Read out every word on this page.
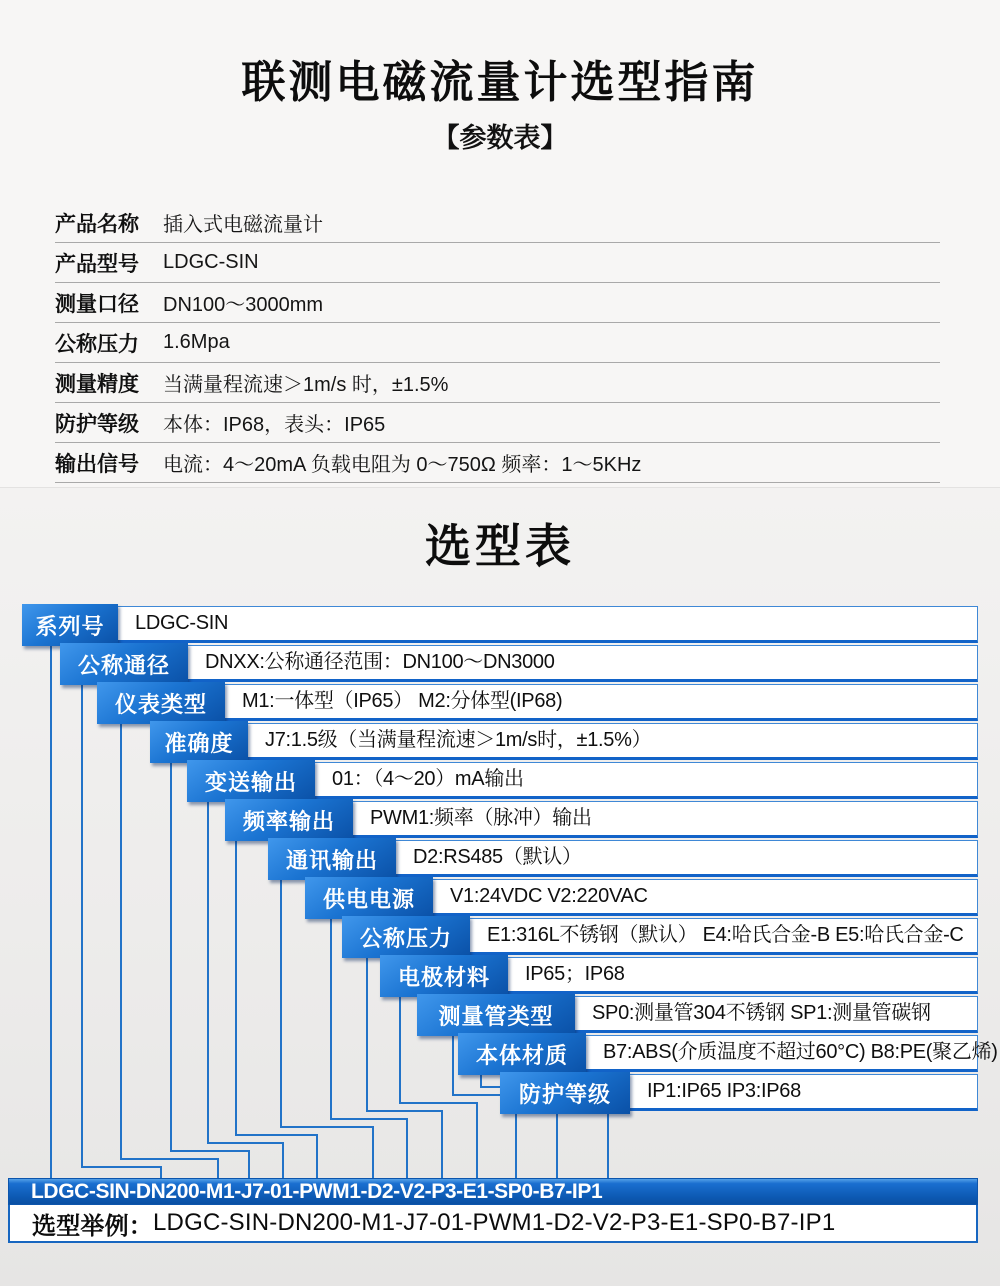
联测电磁流量计选型指南
【参数表】
产品名称	插入式电磁流量计
产品型号	LDGC-SIN
测量口径	DN100～3000mm
公称压力	1.6Mpa
测量精度	当满量程流速＞1m/s 时，±1.5%
防护等级	本体：IP68，表头：IP65
输出信号	电流：4～20mA 负载电阻为 0～750Ω 频率：1～5KHz
选型表
系列号	LDGC-SIN
公称通径	DNXX:公称通径范围：DN100～DN3000
仪表类型	M1:一体型（IP65） M2:分体型(IP68)
准确度	J7:1.5级（当满量程流速＞1m/s时，±1.5%）
变送输出	01：（4～20）mA输出
频率输出	PWM1:频率（脉冲）输出
通讯输出	D2:RS485（默认）
供电电源	V1:24VDC V2:220VAC
公称压力	E1:316L不锈钢（默认） E4:哈氏合金-B E5:哈氏合金-C
电极材料	IP65；IP68
测量管类型	SP0:测量管304不锈钢 SP1:测量管碳钢
本体材质	B7:ABS(介质温度不超过60°C) B8:PE(聚乙烯)
防护等级	IP1:IP65 IP3:IP68
LDGC-SIN-DN200-M1-J7-01-PWM1-D2-V2-P3-E1-SP0-B7-IP1
选型举例： LDGC-SIN-DN200-M1-J7-01-PWM1-D2-V2-P3-E1-SP0-B7-IP1
